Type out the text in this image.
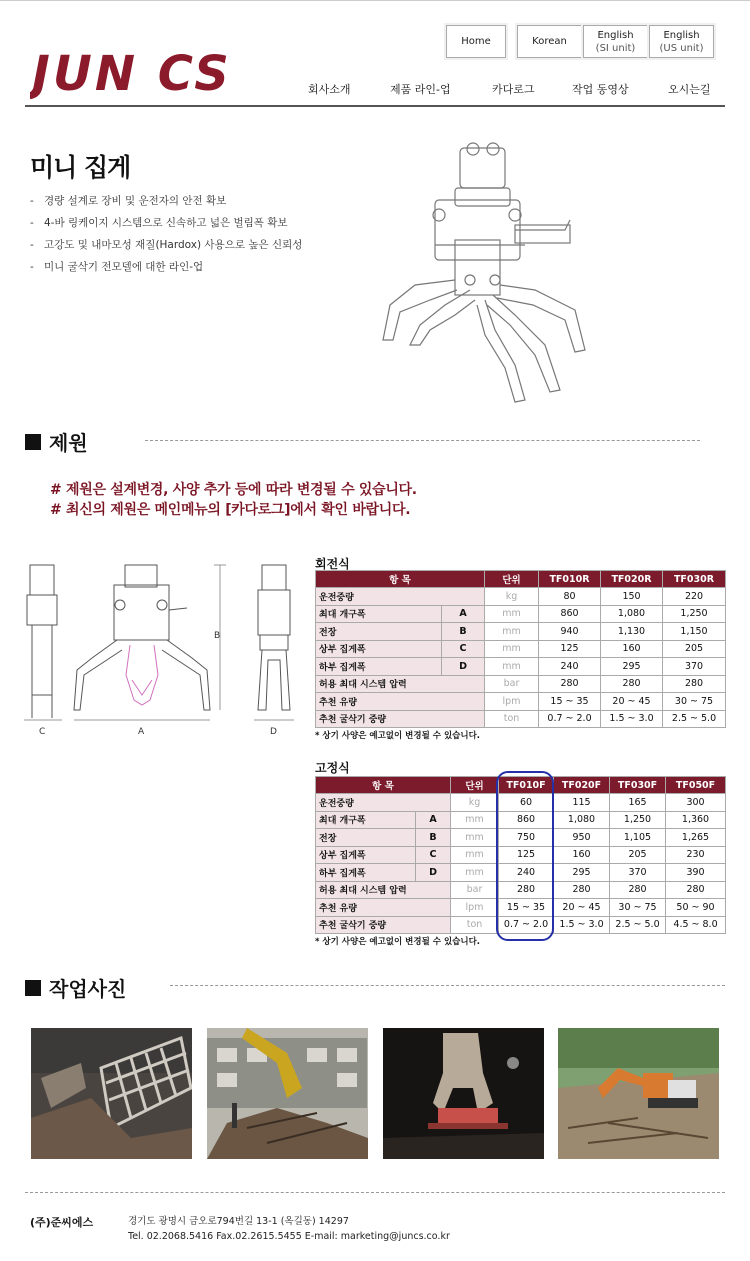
JUN CS
Home	Korean
English
(SI unit)
English
(US unit)
회사소개	제품 라인-업	카다로그	작업 동영상	오시는길
미니 집게
- 경량 설계로 장비 및 운전자의 안전 확보
- 4-바 링케이지 시스템으로 신속하고 넓은 벌림폭 확보
- 고강도 및 내마모성 재질(Hardox) 사용으로 높은 신뢰성
- 미니 굴삭기 전모델에 대한 라인-업
제원
# 제원은 설계변경, 사양 추가 등에 따라 변경될 수 있습니다.
# 최신의 제원은 메인메뉴의 [카다로그]에서 확인 바랍니다.
C	A
B
D
회전식
항 목		단위	TF010R	TF020R	TF030R
운전중량		kg	80	150	220
최대 개구폭	A	mm	860	1,080	1,250
전장	B	mm	940	1,130	1,150
상부 집게폭	C	mm	125	160	205
하부 집게폭	D	mm	240	295	370
허용 최대 시스템 압력		bar	280	280	280
추천 유량		lpm	15 ~ 35	20 ~ 45	30 ~ 75
추천 굴삭기 중량		ton	0.7 ~ 2.0	1.5 ~ 3.0	2.5 ~ 5.0
* 상기 사양은 예고없이 변경될 수 있습니다.
고정식
항 목		단위	TF010F	TF020F	TF030F	TF050F
운전중량		kg	60	115	165	300
최대 개구폭	A	mm	860	1,080	1,250	1,360
전장	B	mm	750	950	1,105	1,265
상부 집게폭	C	mm	125	160	205	230
하부 집게폭	D	mm	240	295	370	390
허용 최대 시스템 압력		bar	280	280	280	280
추천 유량		lpm	15 ~ 35	20 ~ 45	30 ~ 75	50 ~ 90
추천 굴삭기 중량		ton	0.7 ~ 2.0	1.5 ~ 3.0	2.5 ~ 5.0	4.5 ~ 8.0
* 상기 사양은 예고없이 변경될 수 있습니다.
작업사진
(주)준씨에스	경기도 광명시 금오로794번길 13-1 (옥길동) 14297
Tel. 02.2068.5416 Fax.02.2615.5455 E-mail: marketing@juncs.co.kr
